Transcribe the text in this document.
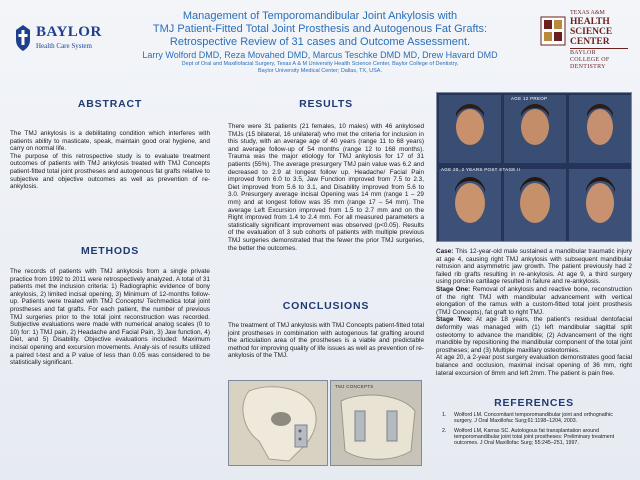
BAYLOR
Health Care System
Management of Temporomandibular Joint Ankylosis with
TMJ Patient-Fitted Total Joint Prosthesis and Autogenous Fat Grafts:
Retrospective Review of 31 cases and Outcome Assessment.
Larry Wolford DMD, Reza Movahed DMD, Marcus Teschke DMD MD, Drew Havard DMD
Dept of Oral and Maxillofacial Surgery, Texas A & M University Health Science Center, Baylor College of Dentistry,
Baylor University Medical Center; Dallas, TX, USA.
TEXAS A&M
HEALTH
SCIENCE
CENTER
BAYLOR
COLLEGE OF
DENTISTRY
ABSTRACT

The TMJ ankylosis is a debilitating condition which interferes with patients ability to masticate, speak, maintain good oral hygiene, and carry on normal life.

The purpose of this retrospective study is to evaluate treatment outcomes of patients with TMJ ankylosis treated with TMJ Concepts patient-fitted total joint prostheses and autogenous fat grafts relative to subjective and objective outcomes as well as prevention of re-ankylosis.

METHODS
The records of patients with TMJ ankylosis from a single private practice from 1992 to 2011 were retrospectively analyzed. A total of 31 patients met the inclusion criteria: 1) Radiographic evidence of bony ankylosis, 2) limited incisal opening, 3) Minimum of 12-months follow-up. Patients were treated with TMJ Concepts/ Techmedica total joint prostheses and fat grafts. For each patient, the number of previous TMJ surgeries prior to the total joint reconstruction was recorded. Subjective evaluations were made with numerical analog scales (0 to 10) for: 1) TMJ pain, 2) Headache and Facial Pain, 3) Jaw function, 4) Diet, and 5) Disability. Objective evaluations included: Maximum incisal opening and excursion movements. Analy-sis of results utilized a paired t-test and a P value of less than 0.05 was considered to be statistically significant.
RESULTS
There were 31 patients (21 females, 10 males) with 46 ankylosed TMJs (15 bilateral, 16 unilateral) who met the criteria for inclusion in this study, with an average age of 40 years (range 11 to 68 years) and average follow-up of 54 months (range 12 to 168 months). Trauma was the major etiology for TMJ ankylosis for 17 of 31 patients (55%). The average presurgery TMJ pain value was 6.2 and decreased to 2.9 at longest follow up. Headache/ Facial Pain improved from 6.0 to 3.5, Jaw Function improved from 7.5 to 2.3, Diet improved from 5.6 to 3.1, and Disability improved from 5.6 to 3.0. Presurgery average incisal Opening was 14 mm (range 1 – 29 mm) and at longest follow was 35 mm (range 17 – 54 mm). The average Left Excursion improved from 1.5 to 2.7 mm and on the Right improved from 1.4 to 2.4 mm. For all measured parameters a statistically significant improvement was observed (p<0.05). Results of the evaluation of 3 sub cohorts of patients with multiple previous TMJ surgeries demonstrated that the fewer the prior TMJ surgeries, the better the outcomes.
CONCLUSIONS
The treatment of TMJ ankylosis with TMJ Concepts patient-fitted total joint prostheses in combination with autogenous fat grafting around the articulation area of the prostheses is a viable and predictable method for improving quality of life issues as well as prevention of re-ankylosis of the TMJ.
TMJ CONCEPTS
AGE 12 PREOP
AGE 20, 2 YEARS POST STAGE II

Case: This 12-year-old male sustained a mandibular traumatic injury at age 4, causing right TMJ ankylosis with subsequent mandibular retrusion and asymmetric jaw growth. The patient previously had 2 failed rib grafts resulting in re-ankylosis. At age 9, a third surgery using porcine cartilage resulted in failure and re-ankylosis.

Stage One: Removal of ankylosis and reactive bone, reconstruction of the right TMJ with mandibular advancement with vertical elongation of the ramus with a custom-fitted total joint prosthesis (TMJ Concepts), fat graft to right TMJ.

Stage Two: At age 18 years, the patient's residual dentofacial deformity was managed with (1) left mandibular sagittal split osteotomy to advance the mandible; (2) Advancement of the right mandible by repositioning the mandibular component of the total joint prostheses; and (3) Multiple maxillary osteotomies.

At age 20, a 2-year post surgery evaluation demonstrates good facial balance and occlusion, maximal incisal opening of 36 mm, right lateral excursion of 8mm and left 2mm. The patient is pain free.

REFERENCES
1. Wolford LM. Concomitant temporomandibular joint and orthognathic surgery. J Oral Maxillofac Surg;61:1198–1204, 2003.
2. Wolford LM, Karras SC. Autologous fat transplantation around temporomandibular joint total joint prostheses: Preliminary treatment outcomes. J Oral Maxillofac Surg; 55:245–251, 1997.
